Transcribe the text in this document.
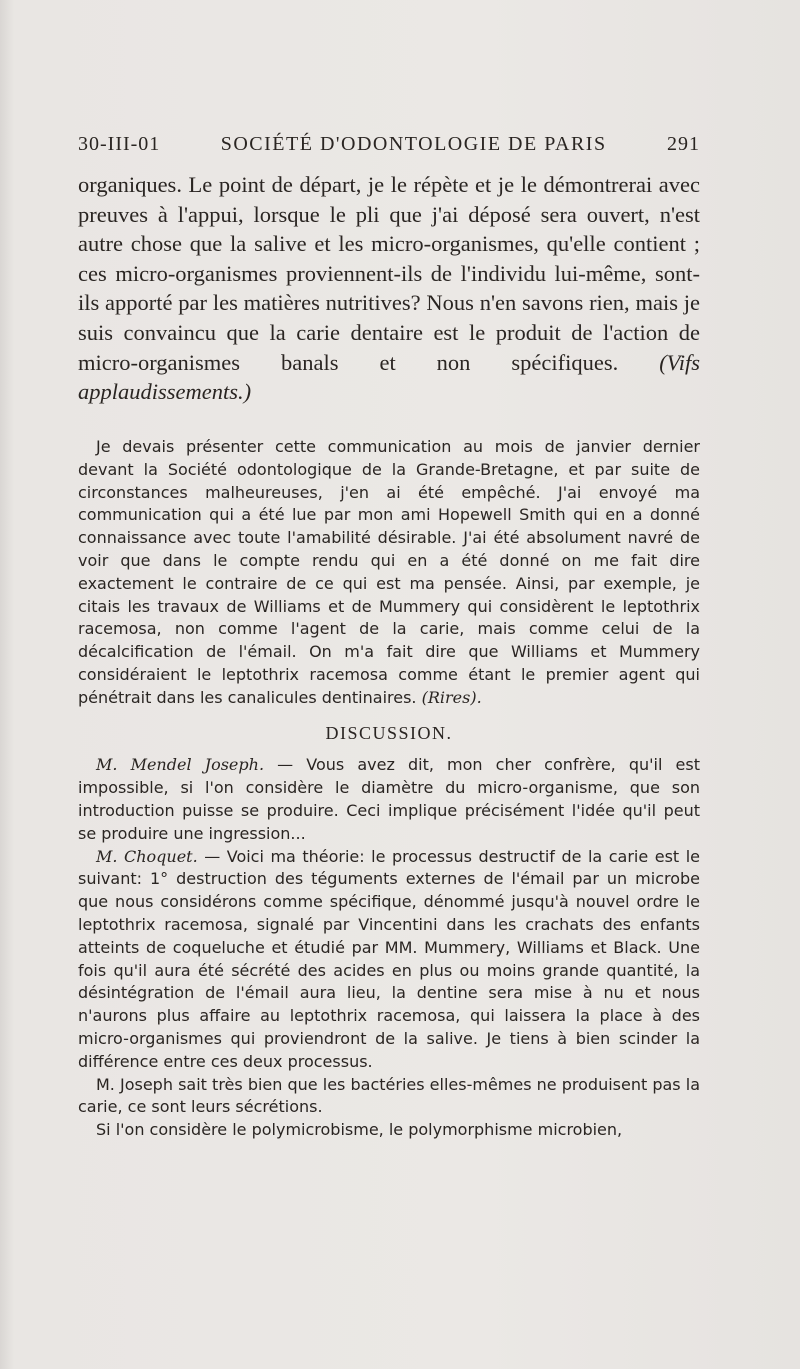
30-III-01	SOCIÉTÉ D'ODONTOLOGIE DE PARIS	291
organiques. Le point de départ, je le répète et je le démontrerai avec preuves à l'appui, lorsque le pli que j'ai déposé sera ouvert, n'est autre chose que la salive et les micro-organismes, qu'elle contient ; ces micro-organismes proviennent-ils de l'individu lui-même, sont-ils apporté par les matières nutritives? Nous n'en savons rien, mais je suis convaincu que la carie dentaire est le produit de l'action de micro-organismes banals et non spécifiques. (Vifs applaudissements.)

Je devais présenter cette communication au mois de janvier dernier devant la Société odontologique de la Grande-Bretagne, et par suite de circonstances malheureuses, j'en ai été empêché. J'ai envoyé ma communication qui a été lue par mon ami Hopewell Smith qui en a donné connaissance avec toute l'amabilité désirable. J'ai été absolument navré de voir que dans le compte rendu qui en a été donné on me fait dire exactement le contraire de ce qui est ma pensée. Ainsi, par exemple, je citais les travaux de Williams et de Mummery qui considèrent le leptothrix racemosa, non comme l'agent de la carie, mais comme celui de la décalcification de l'émail. On m'a fait dire que Williams et Mummery considéraient le leptothrix racemosa comme étant le premier agent qui pénétrait dans les canalicules dentinaires. (Rires).

DISCUSSION.

M. Mendel Joseph. — Vous avez dit, mon cher confrère, qu'il est impossible, si l'on considère le diamètre du micro-organisme, que son introduction puisse se produire. Ceci implique précisément l'idée qu'il peut se produire une ingression...

M. Choquet. — Voici ma théorie: le processus destructif de la carie est le suivant: 1° destruction des téguments externes de l'émail par un microbe que nous considérons comme spécifique, dénommé jusqu'à nouvel ordre le leptothrix racemosa, signalé par Vincentini dans les crachats des enfants atteints de coqueluche et étudié par MM. Mummery, Williams et Black. Une fois qu'il aura été sécrété des acides en plus ou moins grande quantité, la désintégration de l'émail aura lieu, la dentine sera mise à nu et nous n'aurons plus affaire au leptothrix racemosa, qui laissera la place à des micro-organismes qui proviendront de la salive. Je tiens à bien scinder la différence entre ces deux processus.

M. Joseph sait très bien que les bactéries elles-mêmes ne produisent pas la carie, ce sont leurs sécrétions.

Si l'on considère le polymicrobisme, le polymorphisme microbien,
